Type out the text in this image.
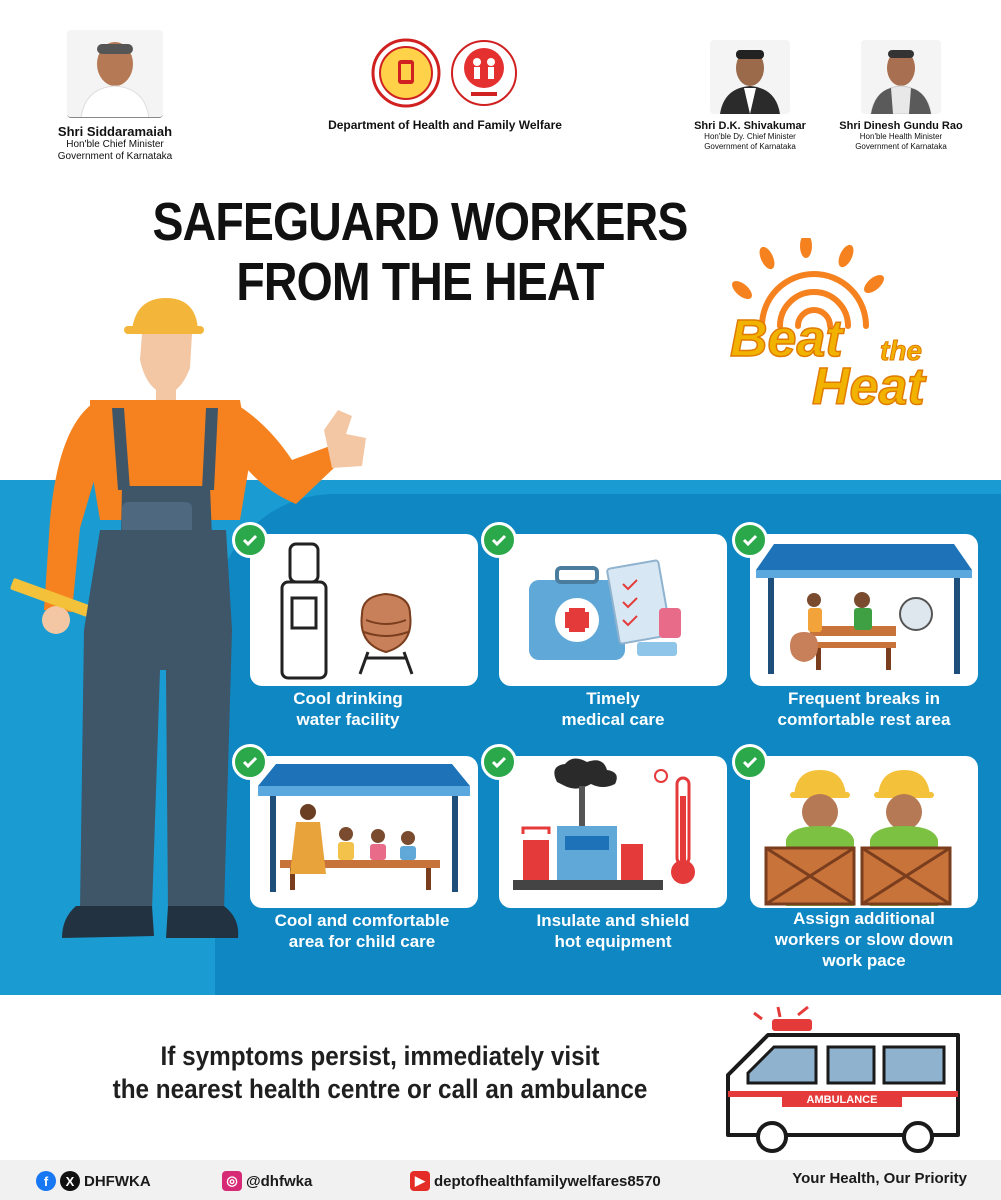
Shri Siddaramaiah
Hon'ble Chief Minister
Government of Karnataka
Department of Health and Family Welfare	Shri D.K. Shivakumar
Hon'ble Dy. Chief Minister
Government of Karnataka
Shri Dinesh Gundu Rao
Hon'ble Health Minister
Government of Karnataka
SAFEGUARD WORKERS
FROM THE HEAT
Beat the
Heat
Cool drinking
water facility
Timely
medical care
Frequent breaks in
comfortable rest area
Cool and comfortable
area for child care
Insulate and shield
hot equipment
Assign additional
workers or slow down
work pace
If symptoms persist, immediately visit
the nearest health centre or call an ambulance	AMBULANCE
f	X DHFWKA	◎ @dhfwka	▶ deptofhealthfamilywelfares8570	Your Health, Our Priority
